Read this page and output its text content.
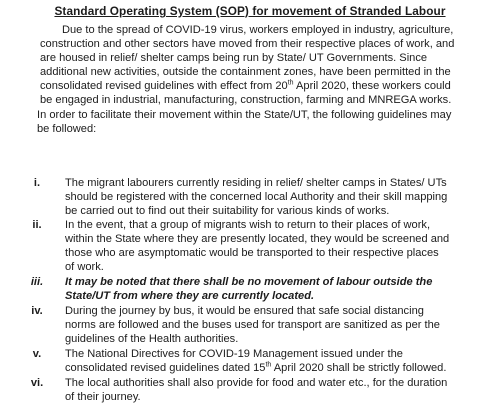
Standard Operating System (SOP) for movement of Stranded Labour
Due to the spread of COVID-19 virus, workers employed in industry, agriculture,
construction and other sectors have moved from their respective places of work, and
are housed in relief/ shelter camps being run by State/ UT Governments. Since
additional new activities, outside the containment zones, have been permitted in the
consolidated revised guidelines with effect from 20th April 2020, these workers could
be engaged in industrial, manufacturing, construction, farming and MNREGA works.
In order to facilitate their movement within the State/UT, the following guidelines may
be followed:
i.	The migrant labourers currently residing in relief/ shelter camps in States/ UTs
should be registered with the concerned local Authority and their skill mapping
be carried out to find out their suitability for various kinds of works.
ii.	In the event, that a group of migrants wish to return to their places of work,
within the State where they are presently located, they would be screened and
those who are asymptomatic would be transported to their respective places
of work.
iii.	It may be noted that there shall be no movement of labour outside the
State/UT from where they are currently located.
iv.	During the journey by bus, it would be ensured that safe social distancing
norms are followed and the buses used for transport are sanitized as per the
guidelines of the Health authorities.
v.	The National Directives for COVID-19 Management issued under the
consolidated revised guidelines dated 15th April 2020 shall be strictly followed.
vi.	The local authorities shall also provide for food and water etc., for the duration
of their journey.
